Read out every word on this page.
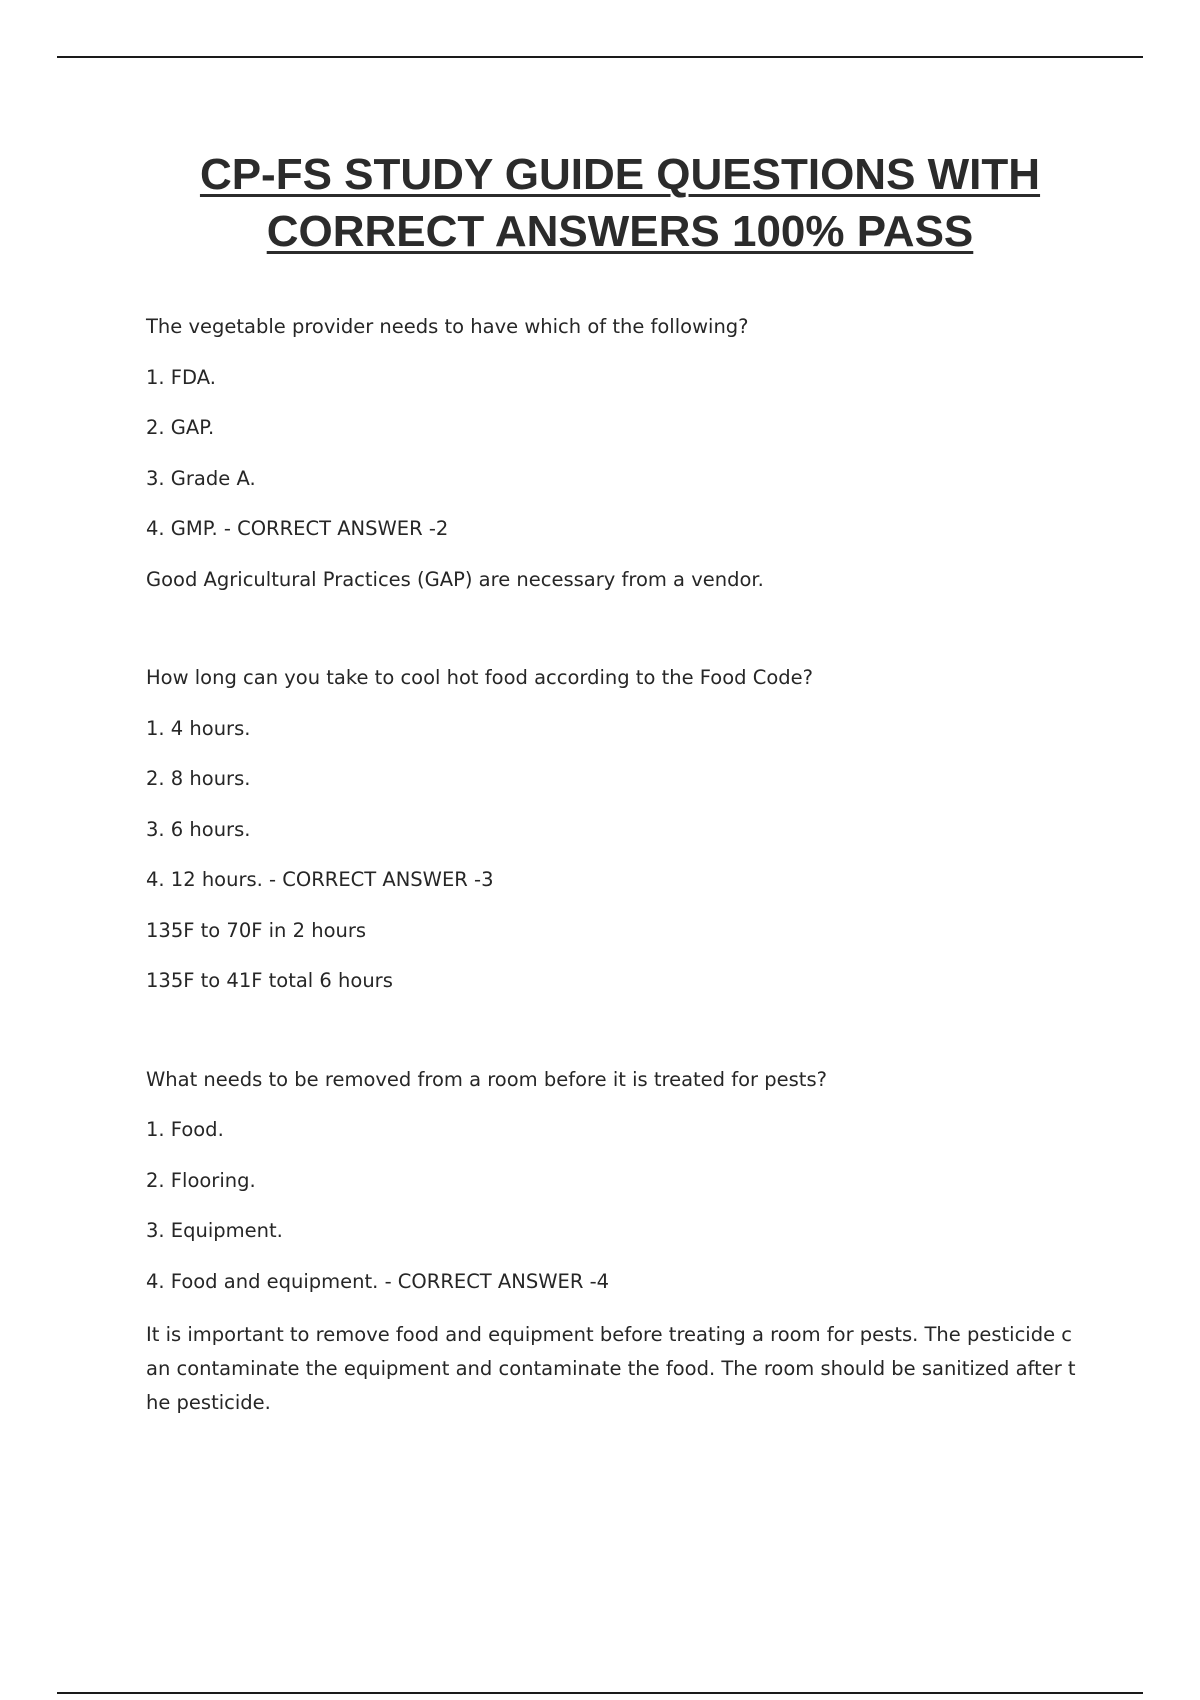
CP-FS STUDY GUIDE QUESTIONS WITH
CORRECT ANSWERS 100% PASS
The vegetable provider needs to have which of the following?
1. FDA.
2. GAP.
3. Grade A.
4. GMP. - CORRECT ANSWER -2
Good Agricultural Practices (GAP) are necessary from a vendor.
How long can you take to cool hot food according to the Food Code?
1. 4 hours.
2. 8 hours.
3. 6 hours.
4. 12 hours. - CORRECT ANSWER -3
135F to 70F in 2 hours
135F to 41F total 6 hours
What needs to be removed from a room before it is treated for pests?
1. Food.
2. Flooring.
3. Equipment.
4. Food and equipment. - CORRECT ANSWER -4

It is important to remove food and equipment before treating a room for pests. The pesticide can contaminate the equipment and contaminate the food. The room should be sanitized after the pesticide.
